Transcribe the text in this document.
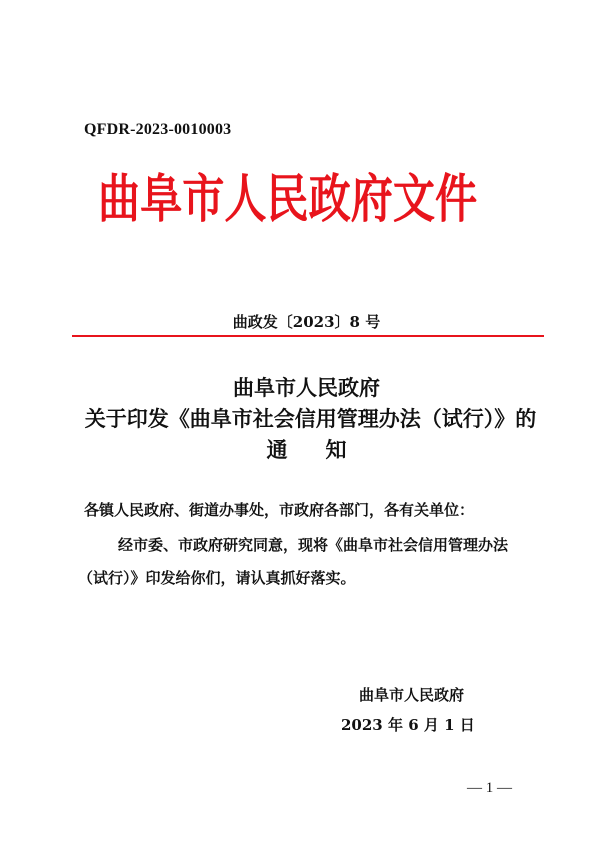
QFDR-2023-0010003
曲阜市人民政府文件
曲政发〔2023〕8 号
曲阜市人民政府
关于印发《曲阜市社会信用管理办法（试行）》的
通知
各镇人民政府、街道办事处，市政府各部门，各有关单位：
经市委、市政府研究同意，现将《曲阜市社会信用管理办法
（试行）》印发给你们，请认真抓好落实。
曲阜市人民政府
2023 年 6 月 1 日
— 1 —
